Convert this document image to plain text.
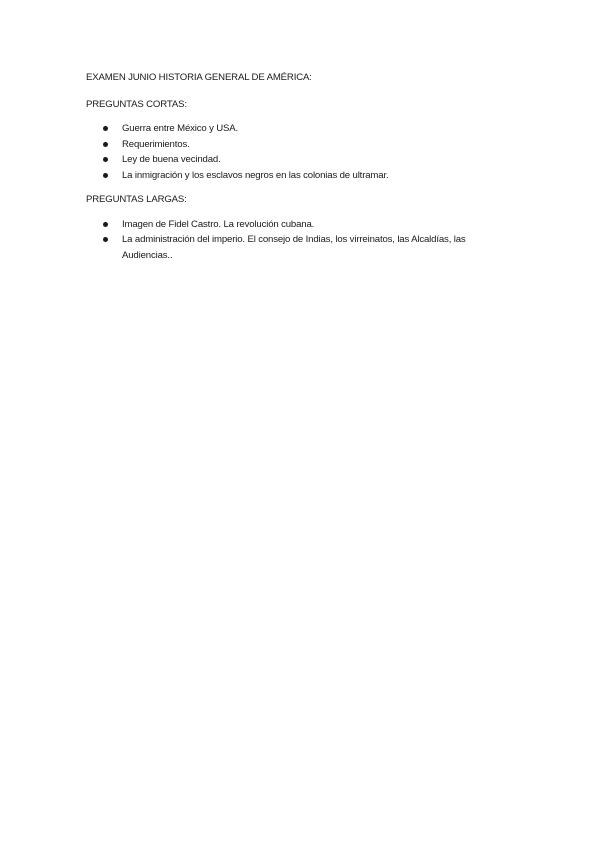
EXAMEN JUNIO HISTORIA GENERAL DE AMÉRICA:

PREGUNTAS CORTAS:

Guerra entre México y USA.
Requerimientos.
Ley de buena vecindad.
La inmigración y los esclavos negros en las colonias de ultramar.

PREGUNTAS LARGAS:

Imagen de Fidel Castro. La revolución cubana.
La administración del imperio. El consejo de Indias, los virreinatos, las Alcaldías, las Audiencias..
